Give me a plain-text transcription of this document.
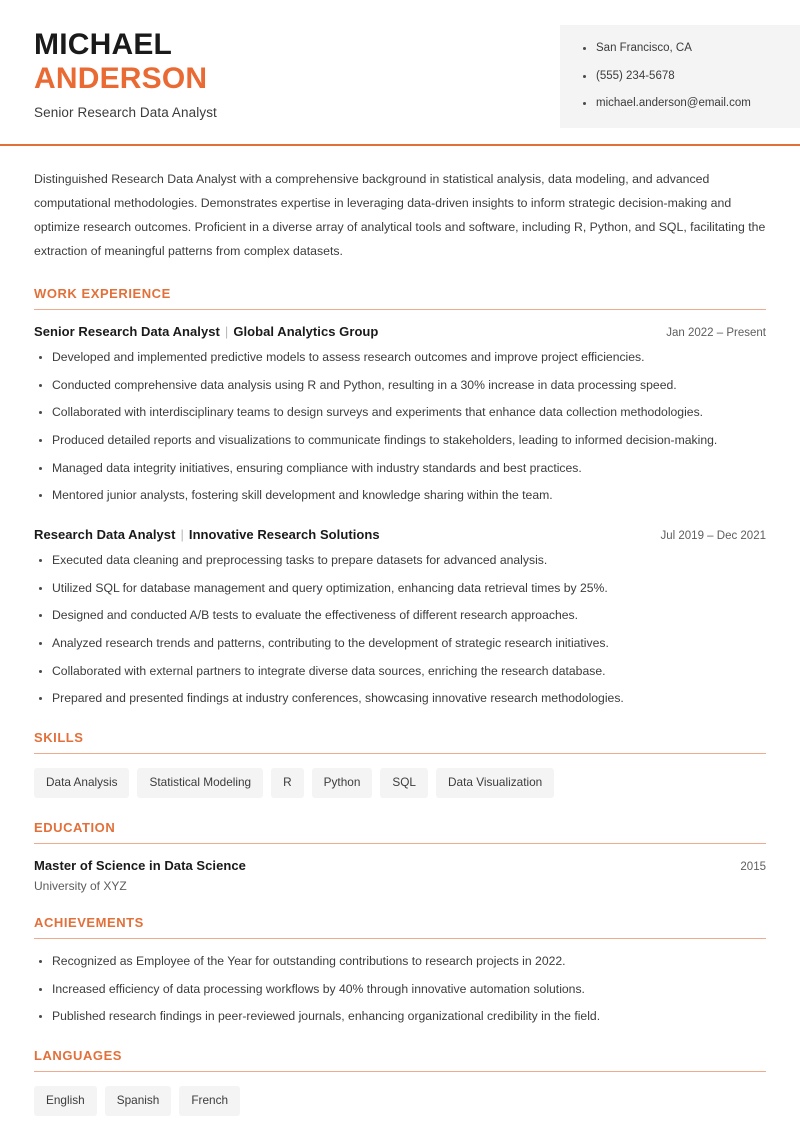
MICHAEL
ANDERSON
Senior Research Data Analyst
San Francisco, CA
(555) 234-5678
michael.anderson@email.com

Distinguished Research Data Analyst with a comprehensive background in statistical analysis, data modeling, and advanced computational methodologies. Demonstrates expertise in leveraging data-driven insights to inform strategic decision-making and optimize research outcomes. Proficient in a diverse array of analytical tools and software, including R, Python, and SQL, facilitating the extraction of meaningful patterns from complex datasets.

WORK EXPERIENCE
Senior Research Data Analyst | Global Analytics Group	Jan 2022 – Present
Developed and implemented predictive models to assess research outcomes and improve project efficiencies.
Conducted comprehensive data analysis using R and Python, resulting in a 30% increase in data processing speed.
Collaborated with interdisciplinary teams to design surveys and experiments that enhance data collection methodologies.
Produced detailed reports and visualizations to communicate findings to stakeholders, leading to informed decision-making.
Managed data integrity initiatives, ensuring compliance with industry standards and best practices.
Mentored junior analysts, fostering skill development and knowledge sharing within the team.
Research Data Analyst | Innovative Research Solutions	Jul 2019 – Dec 2021
Executed data cleaning and preprocessing tasks to prepare datasets for advanced analysis.
Utilized SQL for database management and query optimization, enhancing data retrieval times by 25%.
Designed and conducted A/B tests to evaluate the effectiveness of different research approaches.
Analyzed research trends and patterns, contributing to the development of strategic research initiatives.
Collaborated with external partners to integrate diverse data sources, enriching the research database.
Prepared and presented findings at industry conferences, showcasing innovative research methodologies.
SKILLS
Data Analysis	Statistical Modeling	R	Python	SQL	Data Visualization
EDUCATION
Master of Science in Data Science	2015
University of XYZ
ACHIEVEMENTS
Recognized as Employee of the Year for outstanding contributions to research projects in 2022.
Increased efficiency of data processing workflows by 40% through innovative automation solutions.
Published research findings in peer-reviewed journals, enhancing organizational credibility in the field.
LANGUAGES
English	Spanish	French
